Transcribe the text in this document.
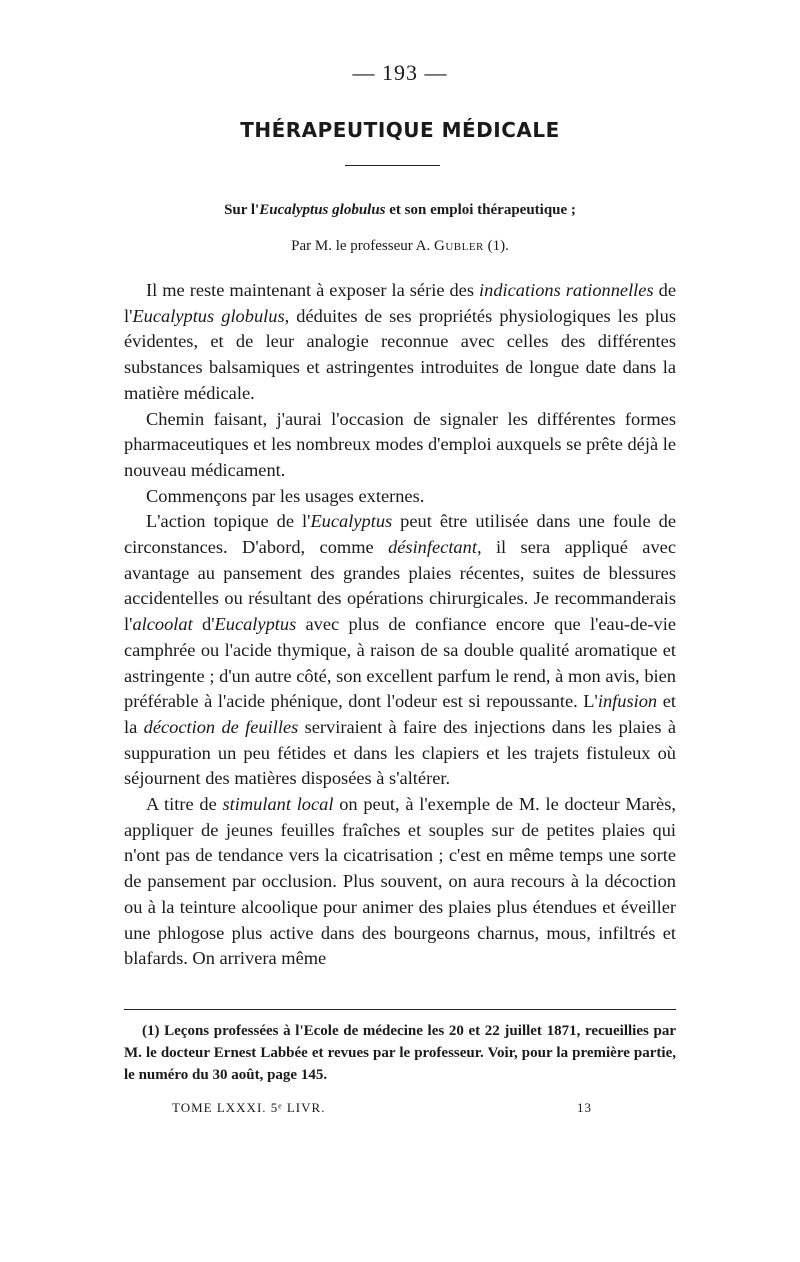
— 193 —
THÉRAPEUTIQUE MÉDICALE
Sur l'Eucalyptus globulus et son emploi thérapeutique ;
Par M. le professeur A. Gubler (1).

Il me reste maintenant à exposer la série des indications rationnelles de l'Eucalyptus globulus, déduites de ses propriétés physiologiques les plus évidentes, et de leur analogie reconnue avec celles des différentes substances balsamiques et astringentes introduites de longue date dans la matière médicale.

Chemin faisant, j'aurai l'occasion de signaler les différentes formes pharmaceutiques et les nombreux modes d'emploi auxquels se prête déjà le nouveau médicament.

Commençons par les usages externes.

L'action topique de l'Eucalyptus peut être utilisée dans une foule de circonstances. D'abord, comme désinfectant, il sera appliqué avec avantage au pansement des grandes plaies récentes, suites de blessures accidentelles ou résultant des opérations chirurgicales. Je recommanderais l'alcoolat d'Eucalyptus avec plus de confiance encore que l'eau-de-vie camphrée ou l'acide thymique, à raison de sa double qualité aromatique et astringente ; d'un autre côté, son excellent parfum le rend, à mon avis, bien préférable à l'acide phénique, dont l'odeur est si repoussante. L'infusion et la décoction de feuilles serviraient à faire des injections dans les plaies à suppuration un peu fétides et dans les clapiers et les trajets fistuleux où séjournent des matières disposées à s'altérer.

A titre de stimulant local on peut, à l'exemple de M. le docteur Marès, appliquer de jeunes feuilles fraîches et souples sur de petites plaies qui n'ont pas de tendance vers la cicatrisation ; c'est en même temps une sorte de pansement par occlusion. Plus souvent, on aura recours à la décoction ou à la teinture alcoolique pour animer des plaies plus étendues et éveiller une phlogose plus active dans des bourgeons charnus, mous, infiltrés et blafards. On arrivera même

(1) Leçons professées à l'Ecole de médecine les 20 et 22 juillet 1871, recueillies par M. le docteur Ernest Labbée et revues par le professeur. Voir, pour la première partie, le numéro du 30 août, page 145.

TOME LXXXI. 5ᵉ LIVR.	13
